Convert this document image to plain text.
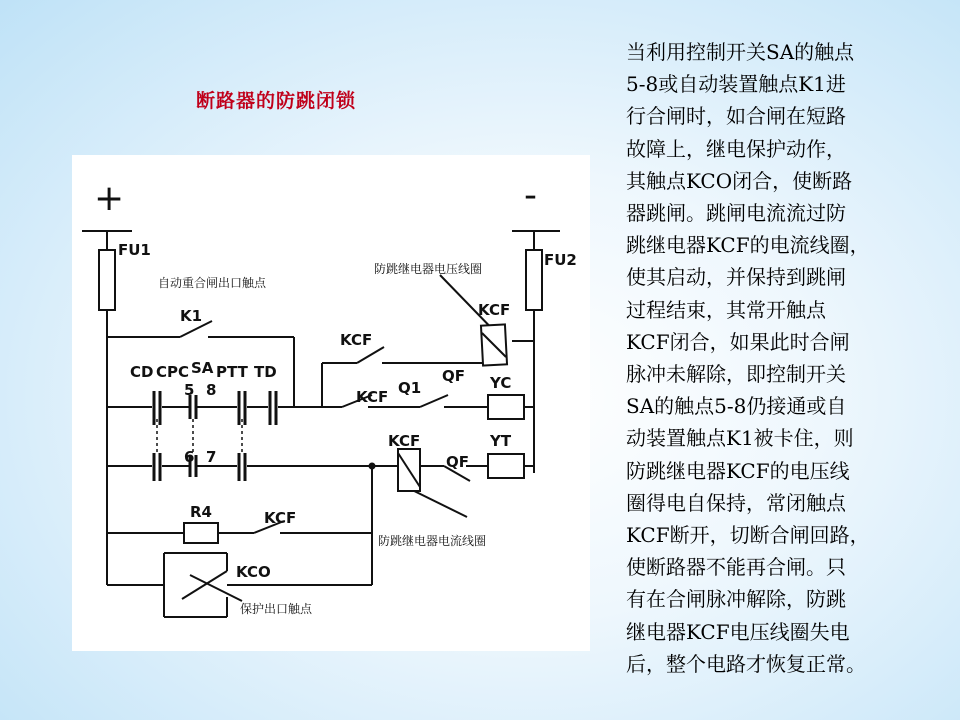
断路器的防跳闭锁
+	-
FU1
FU2
K1
CD CPC SA PTT TD
5 8
6 7
KCF
KCF
KCF
KCF
KCF
Q1
QF
QF
YC
YT
R4
KCO
自动重合闸出口触点
防跳继电器电压线圈
防跳继电器电流线圈
保护出口触点
当利用控制开关SA的触点
5-8或自动装置触点K1进
行合闸时，如合闸在短路
故障上，继电保护动作，
其触点KCO闭合，使断路
器跳闸。跳闸电流流过防
跳继电器KCF的电流线圈，
使其启动，并保持到跳闸
过程结束，其常开触点
KCF闭合，如果此时合闸
脉冲未解除，即控制开关
SA的触点5-8仍接通或自
动装置触点K1被卡住，则
防跳继电器KCF的电压线
圈得电自保持，常闭触点
KCF断开，切断合闸回路，
使断路器不能再合闸。只
有在合闸脉冲解除，防跳
继电器KCF电压线圈失电
后，整个电路才恢复正常。
